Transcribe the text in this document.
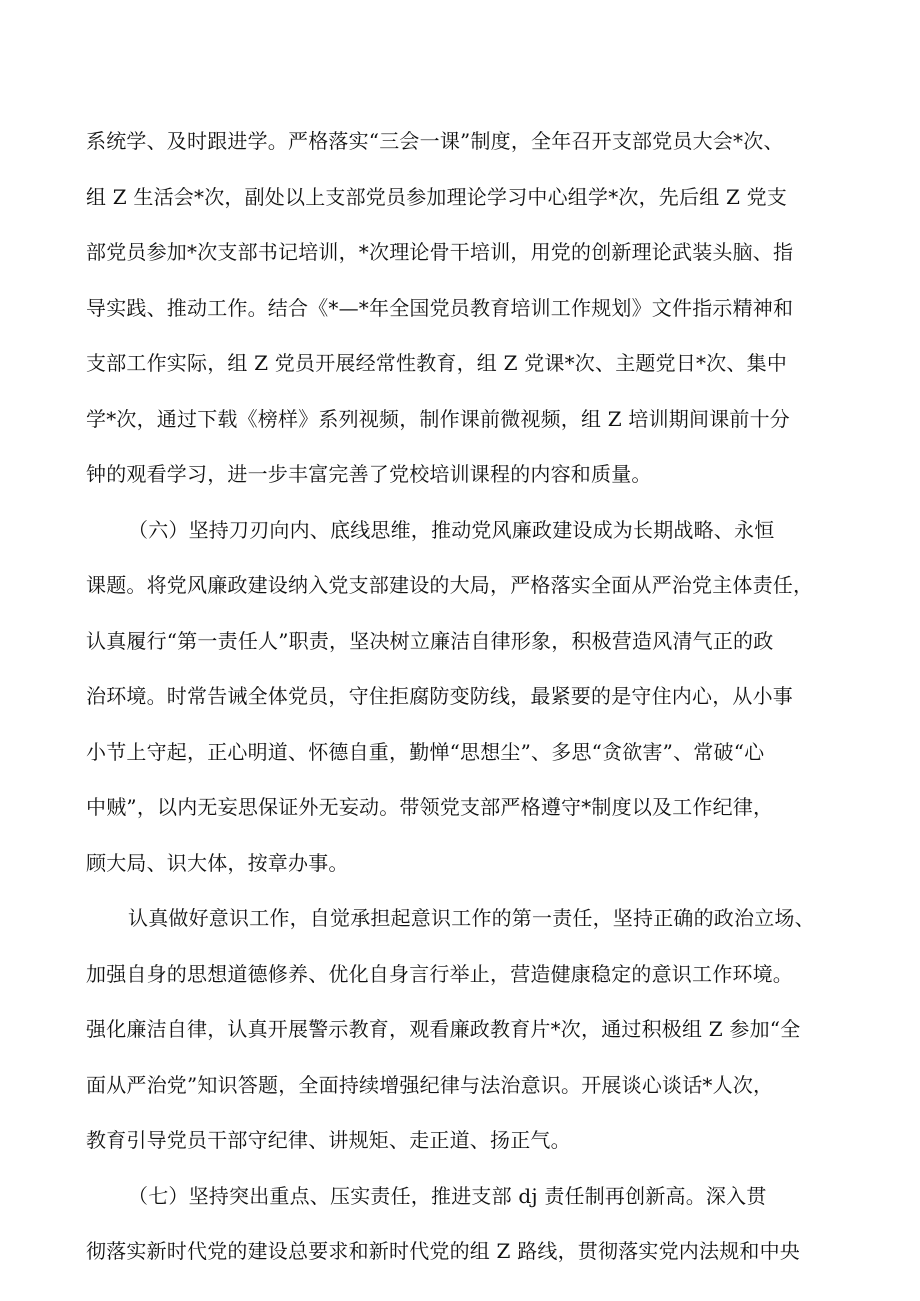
系统学、及时跟进学。严格落实“三会一课”制度，全年召开支部党员大会*次、
组 Z 生活会*次，副处以上支部党员参加理论学习中心组学*次，先后组 Z 党支
部党员参加*次支部书记培训，*次理论骨干培训，用党的创新理论武装头脑、指
导实践、推动工作。结合《*—*年全国党员教育培训工作规划》文件指示精神和
支部工作实际，组 Z 党员开展经常性教育，组 Z 党课*次、主题党日*次、集中
学*次，通过下载《榜样》系列视频，制作课前微视频，组 Z 培训期间课前十分
钟的观看学习，进一步丰富完善了党校培训课程的内容和质量。
（六）坚持刀刃向内、底线思维，推动党风廉政建设成为长期战略、永恒
课题。将党风廉政建设纳入党支部建设的大局，严格落实全面从严治党主体责任，
认真履行“第一责任人”职责，坚决树立廉洁自律形象，积极营造风清气正的政
治环境。时常告诫全体党员，守住拒腐防变防线，最紧要的是守住内心，从小事
小节上守起，正心明道、怀德自重，勤惮“思想尘”、多思“贪欲害”、常破“心
中贼”，以内无妄思保证外无妄动。带领党支部严格遵守*制度以及工作纪律，
顾大局、识大体，按章办事。
认真做好意识工作，自觉承担起意识工作的第一责任，坚持正确的政治立场、
加强自身的思想道德修养、优化自身言行举止，营造健康稳定的意识工作环境。
强化廉洁自律，认真开展警示教育，观看廉政教育片*次，通过积极组 Z 参加“全
面从严治党”知识答题，全面持续增强纪律与法治意识。开展谈心谈话*人次，
教育引导党员干部守纪律、讲规矩、走正道、扬正气。
（七）坚持突出重点、压实责任，推进支部 dj 责任制再创新高。深入贯
彻落实新时代党的建设总要求和新时代党的组 Z 路线，贯彻落实党内法规和中央
